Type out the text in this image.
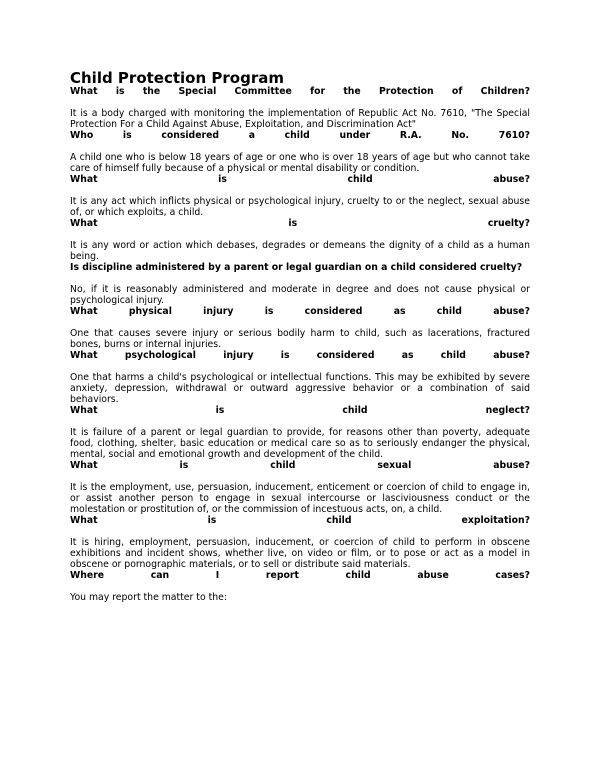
Child Protection Program

What is the Special Committee for the Protection of Children?

It is a body charged with monitoring the implementation of Republic Act No. 7610, "The Special Protection For a Child Against Abuse, Exploitation, and Discrimination Act"

Who is considered a child under R.A. No. 7610?

A child one who is below 18 years of age or one who is over 18 years of age but who cannot take care of himself fully because of a physical or mental disability or condition.

What is child abuse?

It is any act which inflicts physical or psychological injury, cruelty to or the neglect, sexual abuse of, or which exploits, a child.

What is cruelty?

It is any word or action which debases, degrades or demeans the dignity of a child as a human being.

Is discipline administered by a parent or legal guardian on a child considered cruelty?

No, if it is reasonably administered and moderate in degree and does not cause physical or psychological injury.

What physical injury is considered as child abuse?

One that causes severe injury or serious bodily harm to child, such as lacerations, fractured bones, burns or internal injuries.

What psychological injury is considered as child abuse?

One that harms a child's psychological or intellectual functions. This may be exhibited by severe anxiety, depression, withdrawal or outward aggressive behavior or a combination of said behaviors.

What is child neglect?

It is failure of a parent or legal guardian to provide, for reasons other than poverty, adequate food, clothing, shelter, basic education or medical care so as to seriously endanger the physical, mental, social and emotional growth and development of the child.

What is child sexual abuse?

It is the employment, use, persuasion, inducement, enticement or coercion of child to engage in, or assist another person to engage in sexual intercourse or lasciviousness conduct or the molestation or prostitution of, or the commission of incestuous acts, on, a child.

What is child exploitation?

It is hiring, employment, persuasion, inducement, or coercion of child to perform in obscene exhibitions and incident shows, whether live, on video or film, or to pose or act as a model in obscene or pornographic materials, or to sell or distribute said materials.

Where can I report child abuse cases?

You may report the matter to the:
